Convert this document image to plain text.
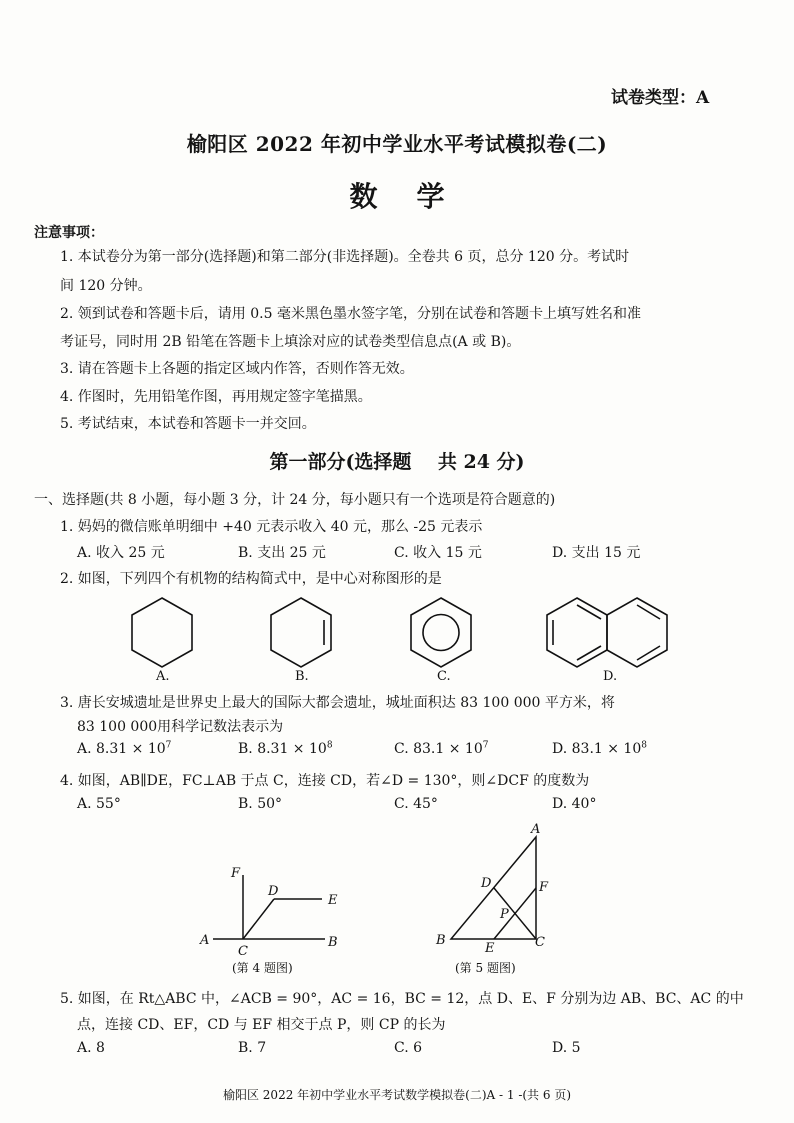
试卷类型：A
榆阳区 2022 年初中学业水平考试模拟卷(二)
数    学
注意事项：
1. 本试卷分为第一部分(选择题)和第二部分(非选择题)。全卷共 6 页，总分 120 分。考试时
间 120 分钟。
2. 领到试卷和答题卡后，请用 0.5 毫米黑色墨水签字笔，分别在试卷和答题卡上填写姓名和准
考证号，同时用 2B 铅笔在答题卡上填涂对应的试卷类型信息点(A 或 B)。
3. 请在答题卡上各题的指定区域内作答，否则作答无效。
4. 作图时，先用铅笔作图，再用规定签字笔描黑。
5. 考试结束，本试卷和答题卡一并交回。
第一部分(选择题    共 24 分)
一、选择题(共 8 小题，每小题 3 分，计 24 分，每小题只有一个选项是符合题意的)
1. 妈妈的微信账单明细中 +40 元表示收入 40 元，那么 -25 元表示
A. 收入 25 元	B. 支出 25 元	C. 收入 15 元	D. 支出 15 元
2. 如图，下列四个有机物的结构简式中，是中心对称图形的是
A.	B.	C.	D.
3. 唐长安城遗址是世界史上最大的国际大都会遗址，城址面积达 83 100 000 平方米，将
83 100 000用科学记数法表示为
A. $8.31 \times 10^7$	B. $8.31 \times 10^8$	C. $83.1 \times 10^7$	D. $83.1 \times 10^8$
4. 如图，AB∥DE，FC⊥AB 于点 C，连接 CD，若∠D = 130°，则∠DCF 的度数为
A. 55°	B. 50°	C. 45°	D. 40°
F
D
E
A
C
B
A
D	F
P
B
E	C
(第 4 题图)	(第 5 题图)
5. 如图，在 Rt△ABC 中，∠ACB = 90°，AC = 16，BC = 12，点 D、E、F 分别为边 AB、BC、AC 的中
点，连接 CD、EF，CD 与 EF 相交于点 P，则 CP 的长为
A. 8	B. 7	C. 6	D. 5
榆阳区 2022 年初中学业水平考试数学模拟卷(二)A - 1 -(共 6 页)
